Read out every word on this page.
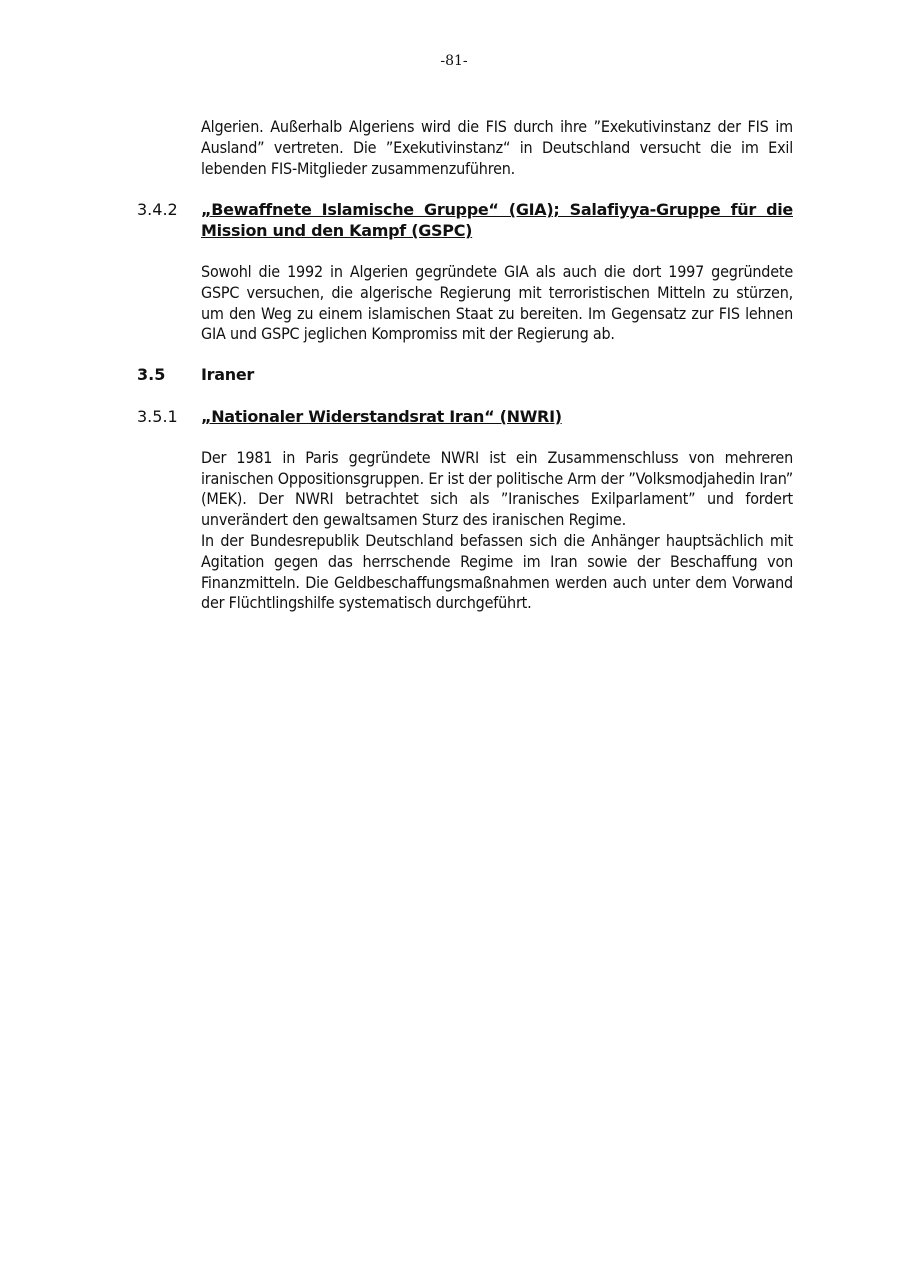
-81-
Algerien. Außerhalb Algeriens wird die FIS durch ihre ”Exekutivinstanz der FIS im Ausland” vertreten. Die ”Exekutivinstanz“ in Deutschland versucht die im Exil lebenden FIS-Mitglieder zusammenzuführen.
3.4.2	„Bewaffnete Islamische Gruppe“ (GIA); Salafiyya-Gruppe für die Mission und den Kampf (GSPC)
Sowohl die 1992 in Algerien gegründete GIA als auch die dort 1997 gegründete GSPC versuchen, die algerische Regierung mit terroristischen Mitteln zu stürzen, um den Weg zu einem islamischen Staat zu bereiten. Im Gegensatz zur FIS lehnen GIA und GSPC jeglichen Kompromiss mit der Regierung ab.
3.5	Iraner
3.5.1	„Nationaler Widerstandsrat Iran“ (NWRI)
Der 1981 in Paris gegründete NWRI ist ein Zusammenschluss von mehreren iranischen Oppositionsgruppen. Er ist der politische Arm der ”Volksmodjahedin Iran” (MEK). Der NWRI betrachtet sich als ”Iranisches Exilparlament” und fordert unverändert den gewaltsamen Sturz des iranischen Regime.
In der Bundesrepublik Deutschland befassen sich die Anhänger hauptsächlich mit Agitation gegen das herrschende Regime im Iran sowie der Beschaffung von Finanzmitteln. Die Geldbeschaffungsmaßnahmen werden auch unter dem Vorwand der Flüchtlingshilfe systematisch durchgeführt.
